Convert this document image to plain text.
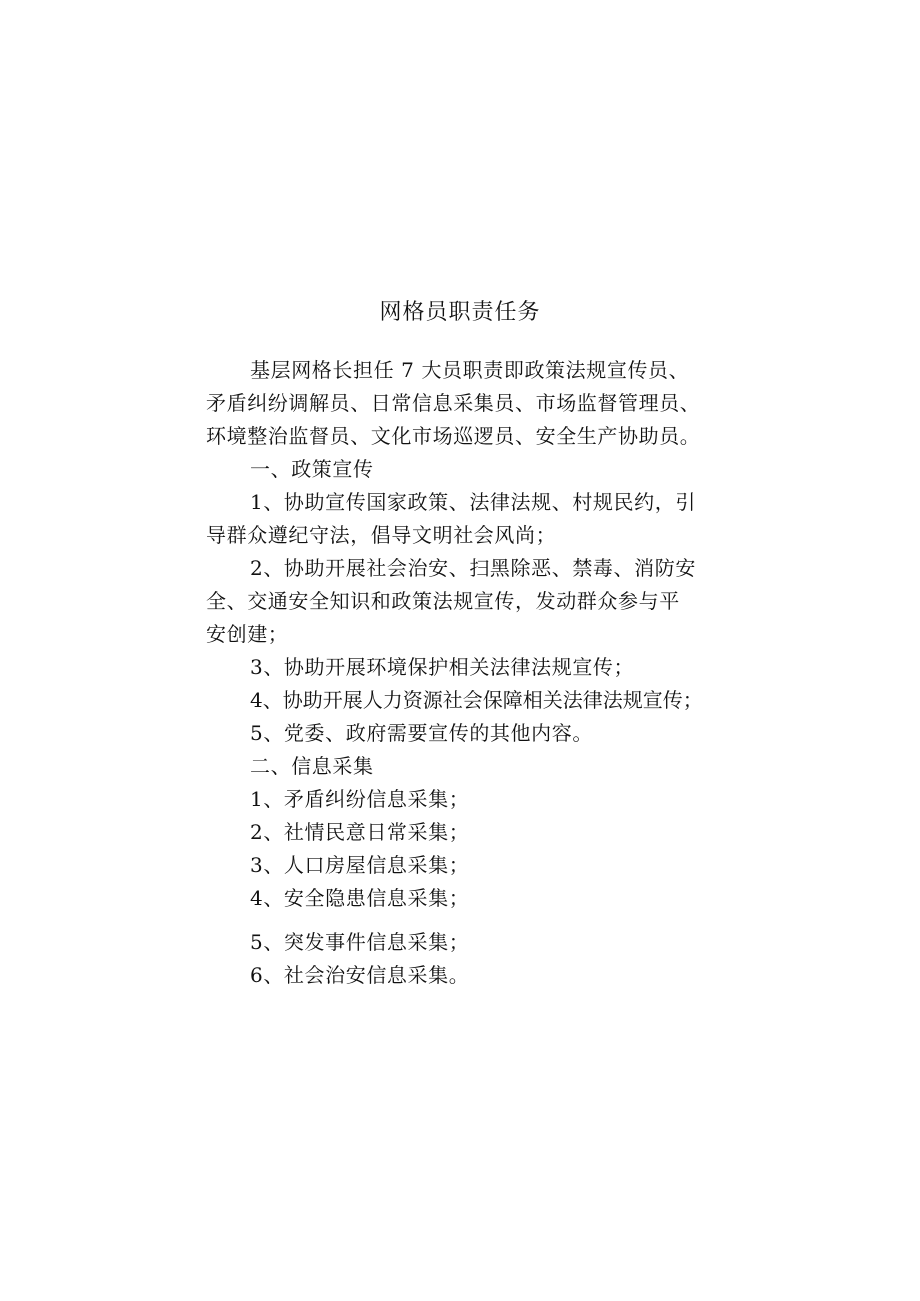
网格员职责任务
基层网格长担任 7 大员职责即政策法规宣传员、
矛盾纠纷调解员、日常信息采集员、市场监督管理员、
环境整治监督员、文化市场巡逻员、安全生产协助员。
一、政策宣传
1、协助宣传国家政策、法律法规、村规民约，引
导群众遵纪守法，倡导文明社会风尚；
2、协助开展社会治安、扫黑除恶、禁毒、消防安
全、交通安全知识和政策法规宣传，发动群众参与平
安创建；
3、协助开展环境保护相关法律法规宣传；
4、协助开展人力资源社会保障相关法律法规宣传；
5、党委、政府需要宣传的其他内容。
二、信息采集
1、矛盾纠纷信息采集；
2、社情民意日常采集；
3、人口房屋信息采集；
4、安全隐患信息采集；
5、突发事件信息采集；
6、社会治安信息采集。
